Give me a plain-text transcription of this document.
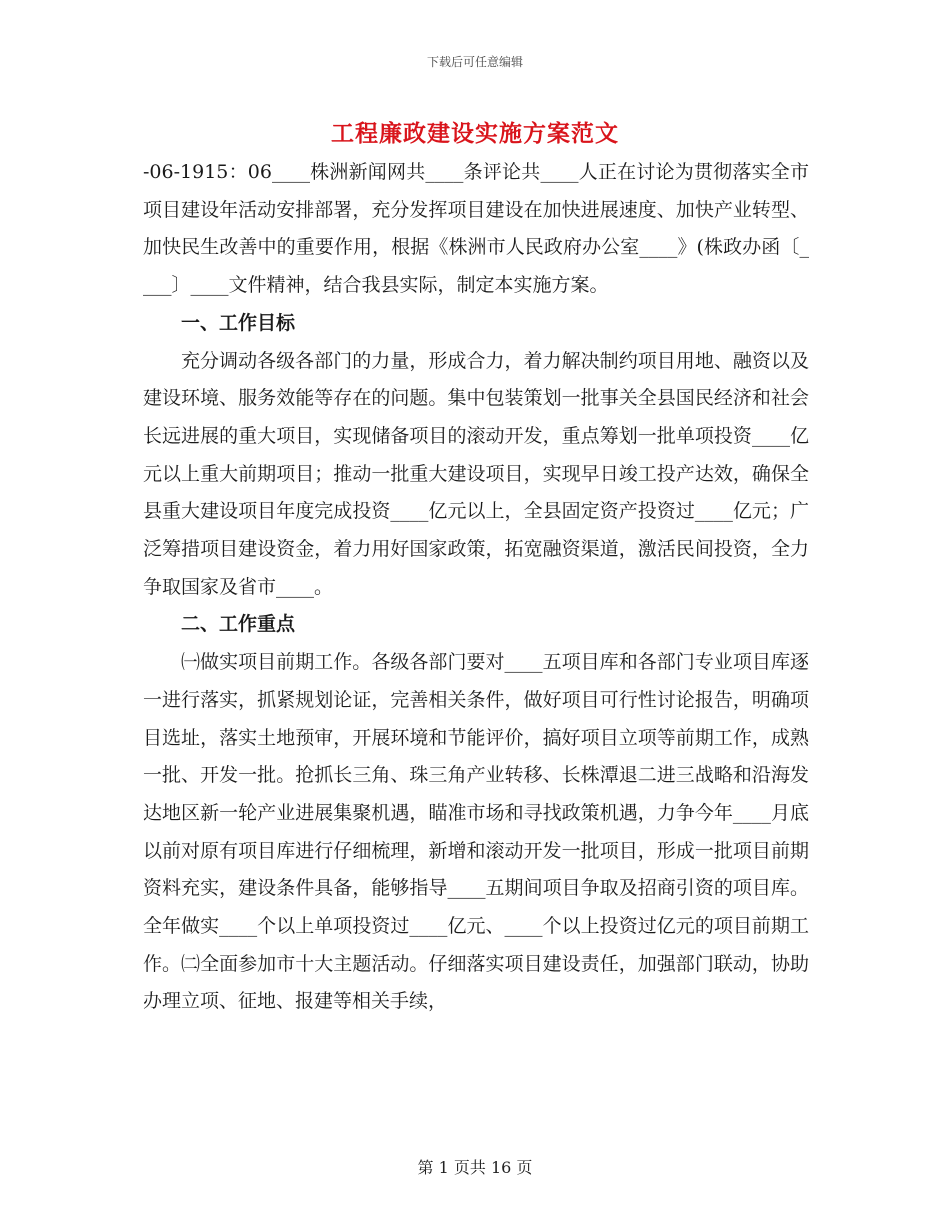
下载后可任意编辑
工程廉政建设实施方案范文

-06-1915：06____株洲新闻网共____条评论共____人正在讨论为贯彻落实全市项目建设年活动安排部署，充分发挥项目建设在加快进展速度、加快产业转型、加快民生改善中的重要作用，根据《株洲市人民政府办公室____》(株政办函〔____〕____文件精神，结合我县实际，制定本实施方案。

一、工作目标

充分调动各级各部门的力量，形成合力，着力解决制约项目用地、融资以及建设环境、服务效能等存在的问题。集中包装策划一批事关全县国民经济和社会长远进展的重大项目，实现储备项目的滚动开发，重点筹划一批单项投资____亿元以上重大前期项目；推动一批重大建设项目，实现早日竣工投产达效，确保全县重大建设项目年度完成投资____亿元以上，全县固定资产投资过____亿元；广泛筹措项目建设资金，着力用好国家政策，拓宽融资渠道，激活民间投资，全力争取国家及省市____。

二、工作重点

㈠做实项目前期工作。各级各部门要对____五项目库和各部门专业项目库逐一进行落实，抓紧规划论证，完善相关条件，做好项目可行性讨论报告，明确项目选址，落实土地预审，开展环境和节能评价，搞好项目立项等前期工作，成熟一批、开发一批。抢抓长三角、珠三角产业转移、长株潭退二进三战略和沿海发达地区新一轮产业进展集聚机遇，瞄准市场和寻找政策机遇，力争今年____月底以前对原有项目库进行仔细梳理，新增和滚动开发一批项目，形成一批项目前期资料充实，建设条件具备，能够指导____五期间项目争取及招商引资的项目库。全年做实____个以上单项投资过____亿元、____个以上投资过亿元的项目前期工作。㈡全面参加市十大主题活动。仔细落实项目建设责任，加强部门联动，协助办理立项、征地、报建等相关手续，

第 1 页共 16 页
